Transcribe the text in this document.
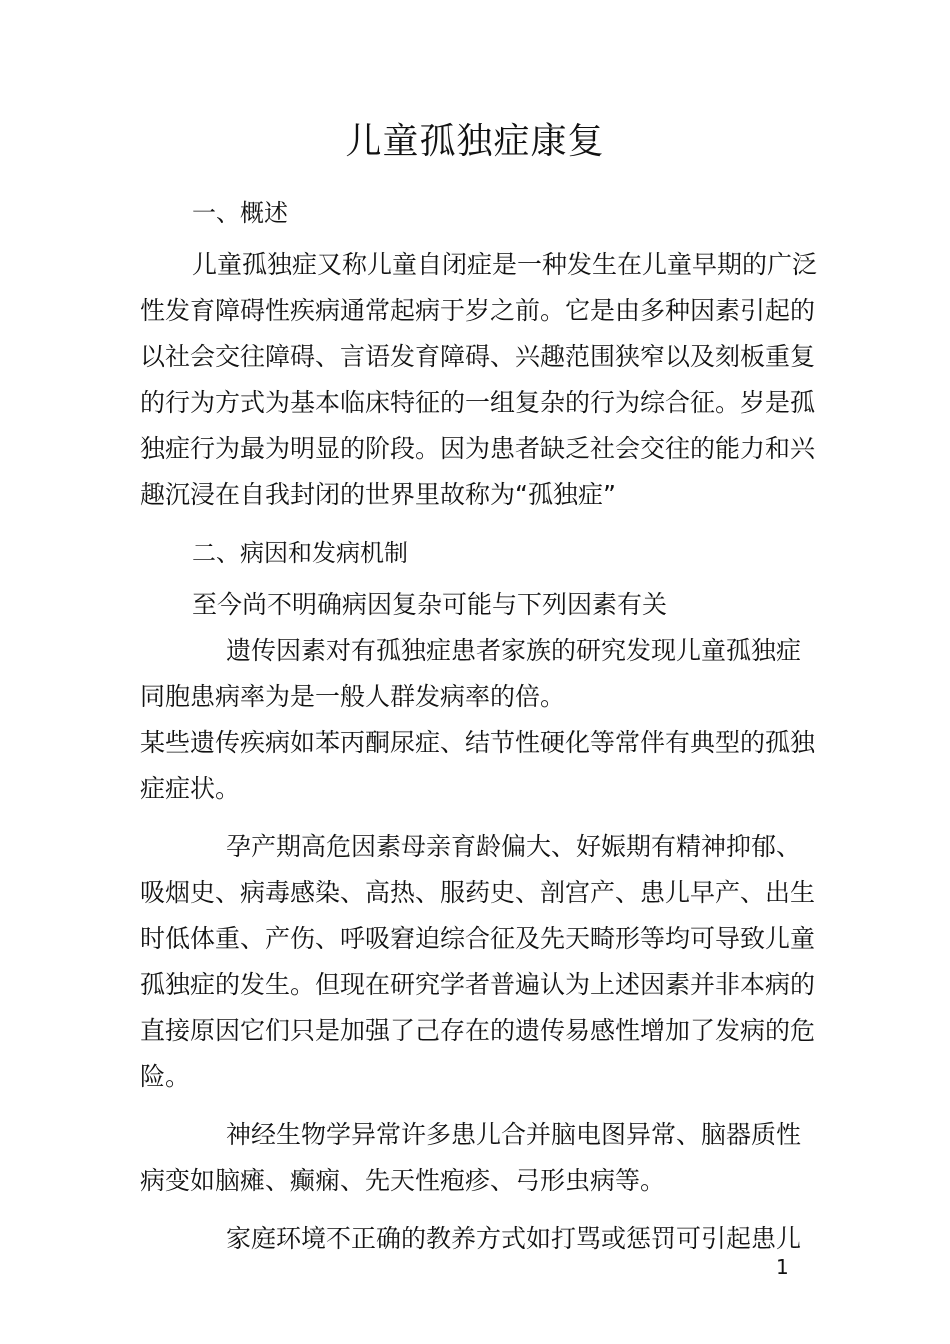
儿童孤独症康复

一、概述

儿童孤独症又称儿童自闭症是一种发生在儿童早期的广泛性发育障碍性疾病通常起病于岁之前。它是由多种因素引起的以社会交往障碍、言语发育障碍、兴趣范围狭窄以及刻板重复的行为方式为基本临床特征的一组复杂的行为综合征。岁是孤独症行为最为明显的阶段。因为患者缺乏社会交往的能力和兴趣沉浸在自我封闭的世界里故称为“孤独症”

二、病因和发病机制

至今尚不明确病因复杂可能与下列因素有关

遗传因素对有孤独症患者家族的研究发现儿童孤独症同胞患病率为是一般人群发病率的倍。

某些遗传疾病如苯丙酮尿症、结节性硬化等常伴有典型的孤独症症状。

孕产期高危因素母亲育龄偏大、好娠期有精神抑郁、吸烟史、病毒感染、高热、服药史、剖宫产、患儿早产、出生时低体重、产伤、呼吸窘迫综合征及先天畸形等均可导致儿童孤独症的发生。但现在研究学者普遍认为上述因素并非本病的直接原因它们只是加强了己存在的遗传易感性增加了发病的危险。

神经生物学异常许多患儿合并脑电图异常、脑器质性病变如脑瘫、癫痫、先天性疱疹、弓形虫病等。

家庭环境不正确的教养方式如打骂或惩罚可引起患儿

1
